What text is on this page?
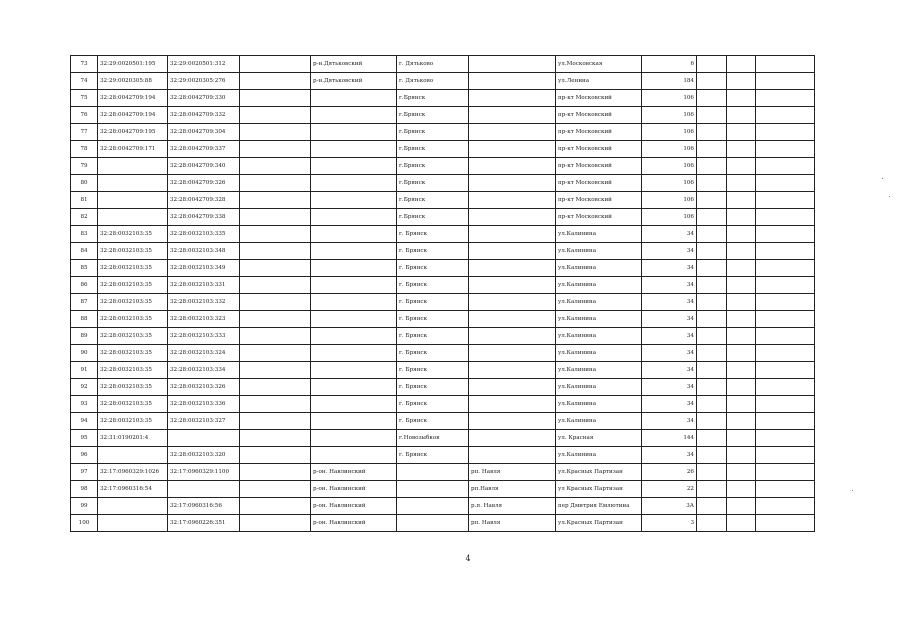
73	32:29:0020501:195	32:29:0020501:312		р-н.Дятьковский	г. Дятьково		ул.Московская	6			
74	32:29:0020305:88	32:29:0020305:276		р-н.Дятьковский	г. Дятьково		ул.Ленина	184			
75	32:28:0042709:194	32:28:0042709:330			г.Брянск		пр-кт Московский	106			
76	32:28:0042709:194	32:28:0042709:332			г.Брянск		пр-кт Московский	106			
77	32:28:0042709:195	32:28:0042709:304			г.Брянск		пр-кт Московский	106			
78	32:28:0042709:171	32:28:0042709:337			г.Брянск		пр-кт Московский	106			
79		32:28:0042709:340			г.Брянск		пр-кт Московский	106			
80		32:28:0042709:326			г.Брянск		пр-кт Московский	106			
81		32:28:0042709:328			г.Брянск		пр-кт Московский	106			
82		32:28:0042709:338			г.Брянск		пр-кт Московский	106			
83	32:28:0032103:35	32:28:0032103:335			г. Брянск		ул.Калинина	34			
84	32:28:0032103:35	32:28:0032103:348			г. Брянск		ул.Калинина	34			
85	32:28:0032103:35	32:28:0032103:349			г. Брянск		ул.Калинина	34			
86	32:28:0032103:35	32:28:0032103:331			г. Брянск		ул.Калинина	34			
87	32:28:0032103:35	32:28:0032103:332			г. Брянск		ул.Калинина	34			
88	32:28:0032103:35	32:28:0032103:323			г. Брянск		ул.Калинина	34			
89	32:28:0032103:35	32:28:0032103:333			г. Брянск		ул.Калинина	34			
90	32:28:0032103:35	32:28:0032103:324			г. Брянск		ул.Калинина	34			
91	32:28:0032103:35	32:28:0032103:334			г. Брянск		ул.Калинина	34			
92	32:28:0032103:35	32:28:0032103:326			г. Брянск		ул.Калинина	34			
93	32:28:0032103:35	32:28:0032103:336			г. Брянск		ул.Калинина	34			
94	32:28:0032103:35	32:28:0032103:327			г. Брянск		ул.Калинина	34			
95	32:31:0190201:4				г.Новозыбков		ул. Красная	144			
96		32:28:0032103:320			г. Брянск		ул.Калинина	34			
97	32:17:0960329:1026	32:17:0960329:1100		р-он. Навлинский		рп. Навля	ул.Красных Партизан	26			
98	32:17:0960316:54			р-он. Навлинский		рп.Навля	ул Красных Партизан	22			
99		32:17:0960316:56		р-он. Навлинский		р.п. Навля	пер Дмитрия Емлютина	3А			
100		32:17:0960226:351		р-он. Навлинский		рп. Навля	ул.Красных Партизан	3			
4
